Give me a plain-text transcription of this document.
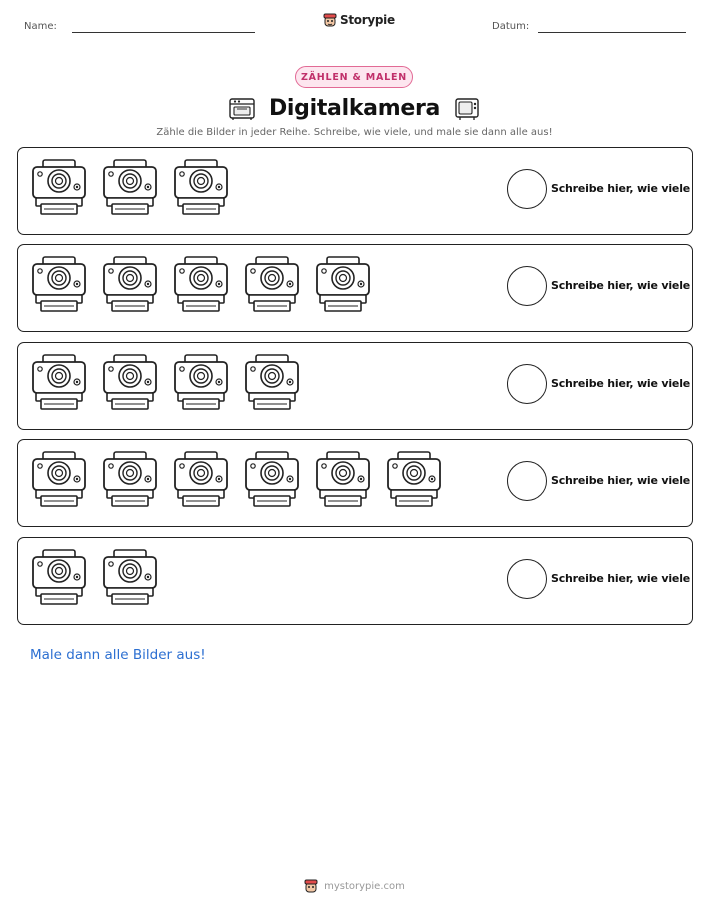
Name:	Storypie	Datum:
ZÄHLEN & MALEN
Digitalkamera

Zähle die Bilder in jeder Reihe. Schreibe, wie viele, und male sie dann alle aus!

Schreibe hier, wie viele
Schreibe hier, wie viele
Schreibe hier, wie viele
Schreibe hier, wie viele
Schreibe hier, wie viele

Male dann alle Bilder aus!

mystorypie.com
